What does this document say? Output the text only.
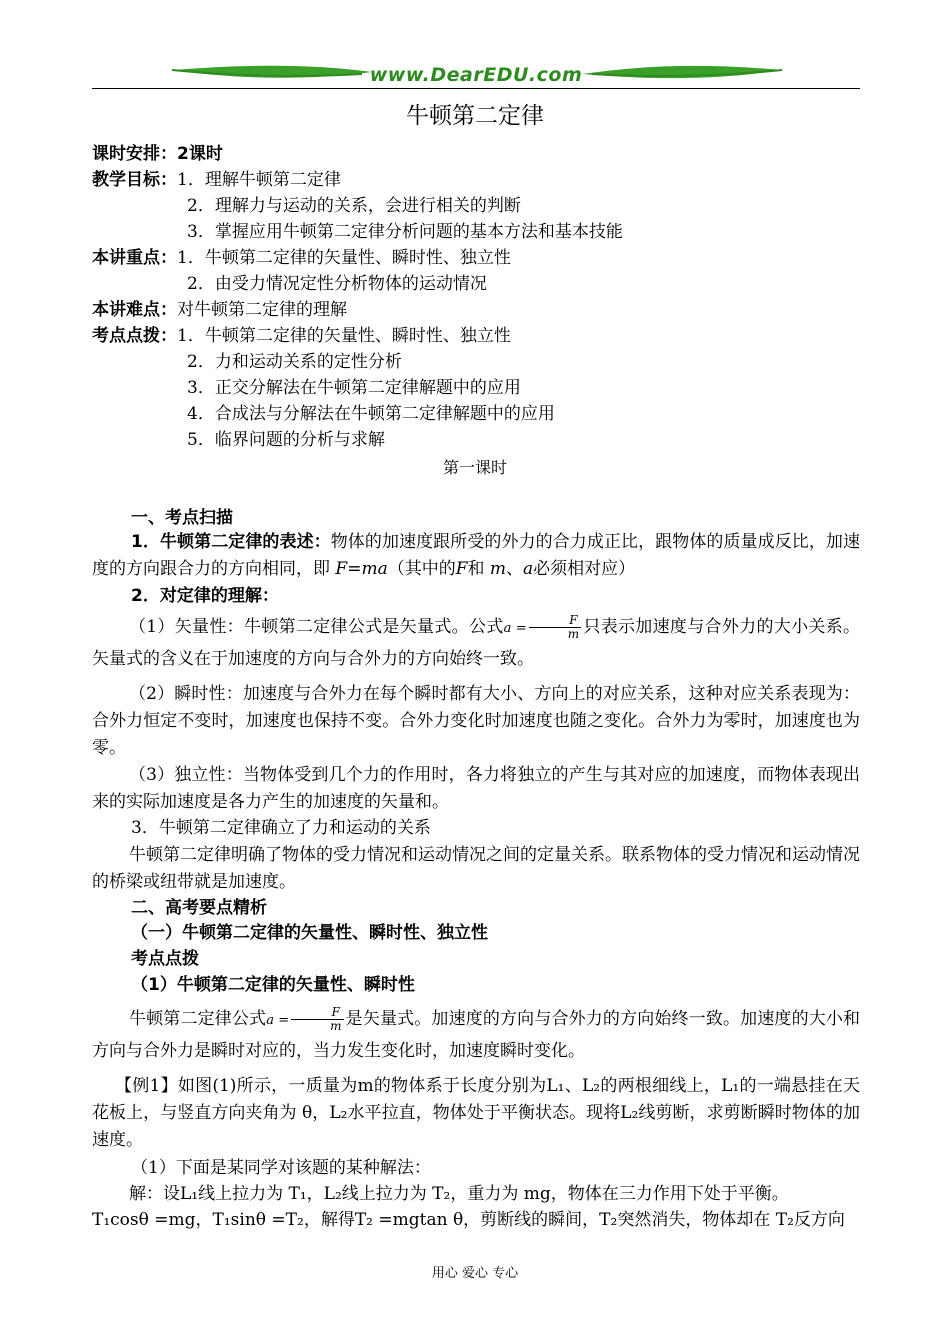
www.DearEDU.com
牛顿第二定律
课时安排：2课时
教学目标：1．理解牛顿第二定律
2．理解力与运动的关系，会进行相关的判断
3．掌握应用牛顿第二定律分析问题的基本方法和基本技能
本讲重点：1．牛顿第二定律的矢量性、瞬时性、独立性
2．由受力情况定性分析物体的运动情况
本讲难点：对牛顿第二定律的理解
考点点拨：1．牛顿第二定律的矢量性、瞬时性、独立性
2．力和运动关系的定性分析
3．正交分解法在牛顿第二定律解题中的应用
4．合成法与分解法在牛顿第二定律解题中的应用
5．临界问题的分析与求解
第一课时
一、考点扫描
1．牛顿第二定律的表述：物体的加速度跟所受的外力的合力成正比，跟物体的质量成反比，加速度的方向跟合力的方向相同，即 F=ma（其中的F和 m、a必须相对应）
2．对定律的理解：
（1）矢量性：牛顿第二定律公式是矢量式。公式$a = \frac{F}{m}$ 只表示加速度与合外力的大小关系。矢量式的含义在于加速度的方向与合外力的方向始终一致。
（2）瞬时性：加速度与合外力在每个瞬时都有大小、方向上的对应关系，这种对应关系表现为：合外力恒定不变时，加速度也保持不变。合外力变化时加速度也随之变化。合外力为零时，加速度也为零。
（3）独立性：当物体受到几个力的作用时，各力将独立的产生与其对应的加速度，而物体表现出来的实际加速度是各力产生的加速度的矢量和。
3．牛顿第二定律确立了力和运动的关系
牛顿第二定律明确了物体的受力情况和运动情况之间的定量关系。联系物体的受力情况和运动情况的桥梁或纽带就是加速度。
二、高考要点精析
（一）牛顿第二定律的矢量性、瞬时性、独立性
考点点拨
（1）牛顿第二定律的矢量性、瞬时性
牛顿第二定律公式$a = \frac{F}{m}$ 是矢量式。加速度的方向与合外力的方向始终一致。加速度的大小和方向与合外力是瞬时对应的，当力发生变化时，加速度瞬时变化。
【例1】如图(1)所示，一质量为m的物体系于长度分别为L₁、L₂的两根细线上，L₁的一端悬挂在天花板上，与竖直方向夹角为 θ，L₂水平拉直，物体处于平衡状态。现将L₂线剪断，求剪断瞬时物体的加速度。
（1）下面是某同学对该题的某种解法：
解：设L₁线上拉力为 T₁，L₂线上拉力为 T₂，重力为 mg，物体在三力作用下处于平衡。
T₁cosθ =mg，T₁sinθ =T₂，解得T₂ =mgtan θ，剪断线的瞬间，T₂突然消失，物体却在 T₂反方向
用心 爱心 专心
